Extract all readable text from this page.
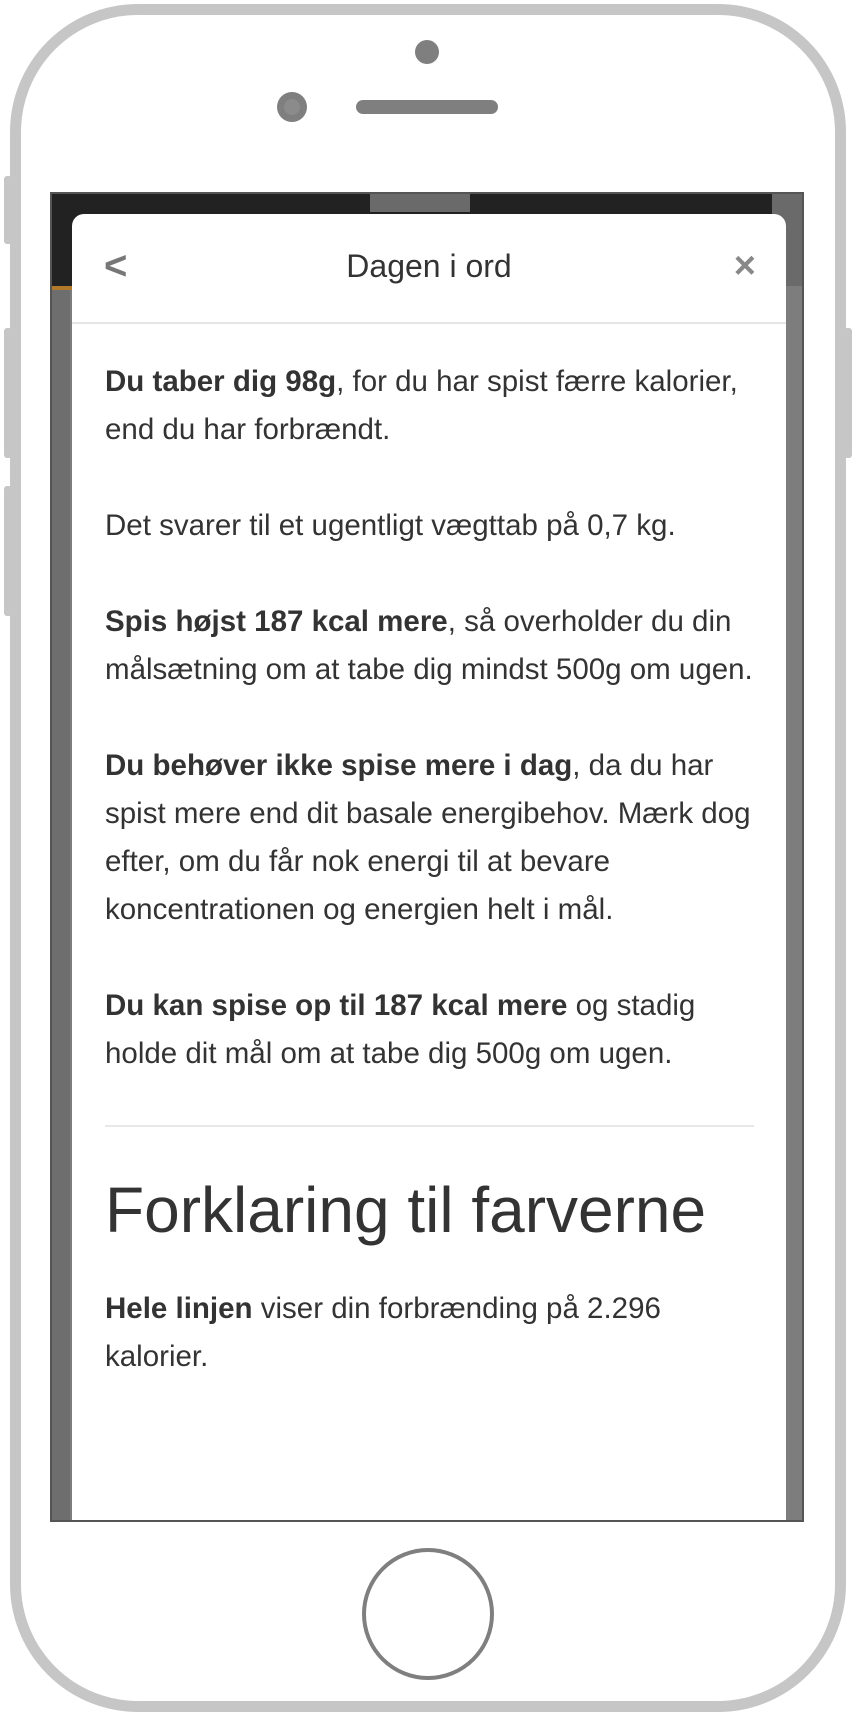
<	Dagen i ord	×

Du taber dig 98g, for du har spist færre kalorier, end du har forbrændt.

Det svarer til et ugentligt vægttab på 0,7 kg.

Spis højst 187 kcal mere, så overholder du din målsætning om at tabe dig mindst 500g om ugen.

Du behøver ikke spise mere i dag, da du har spist mere end dit basale energibehov. Mærk dog efter, om du får nok energi til at bevare koncentrationen og energien helt i mål.

Du kan spise op til 187 kcal mere og stadig holde dit mål om at tabe dig 500g om ugen.

Forklaring til farverne

Hele linjen viser din forbrænding på 2.296 kalorier.
